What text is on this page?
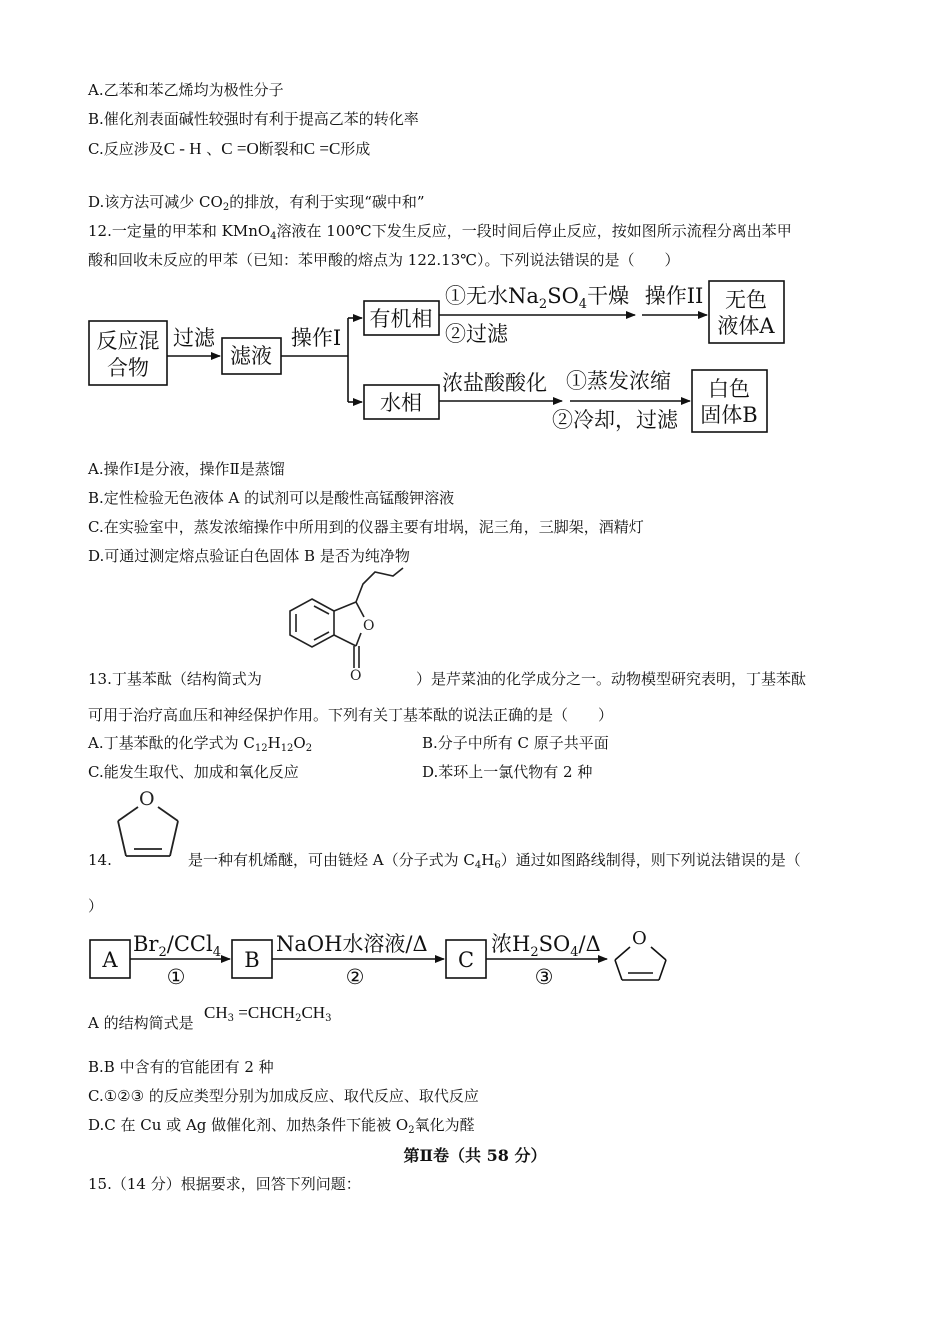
A.乙苯和苯乙烯均为极性分子
B.催化剂表面碱性较强时有利于提高乙苯的转化率
C.反应涉及C - H 、C =O断裂和C =C形成
D.该方法可减少 $CO_2$的排放，有利于实现“碳中和”
12.一定量的甲苯和 KMnO$_4$溶液在 100℃下发生反应，一段时间后停止反应，按如图所示流程分离出苯甲
酸和回收未反应的甲苯（已知：苯甲酸的熔点为 122.13℃）。下列说法错误的是（　　）
反应混
合物
过滤
滤液
操作I
有机相
①无水$Na_2SO_4$干燥
②过滤
操作II 无色
液体A
水相
浓盐酸酸化 ①蒸发浓缩
②冷却，过滤
白色
固体B
A.操作Ⅰ是分液，操作Ⅱ是蒸馏
B.定性检验无色液体 A 的试剂可以是酸性高锰酸钾溶液
C.在实验室中，蒸发浓缩操作中所用到的仪器主要有坩埚，泥三角，三脚架，酒精灯
D.可通过测定熔点验证白色固体 B 是否为纯净物
O
O
13.丁基苯酞（结构简式为	）是芹菜油的化学成分之一。动物模型研究表明，丁基苯酞
可用于治疗高血压和神经保护作用。下列有关丁基苯酞的说法正确的是（　　）
A.丁基苯酞的化学式为 $C_{12}H_{12}O_2$	B.分子中所有 C 原子共平面
C.能发生取代、加成和氧化反应	D.苯环上一氯代物有 2 种
O
14.	是一种有机烯醚，可由链烃 A（分子式为 $C_4H_6$）通过如图路线制得，则下列说法错误的是（
）
A
$Br_2/CCl_4$
①
B
NaOH水溶液/Δ
②
C
浓$H_2SO_4/\Delta$
③
O
A 的结构简式是
$CH_3$ $=CHCH_2CH_3$
B.B 中含有的官能团有 2 种
C.①②③ 的反应类型分别为加成反应、取代反应、取代反应
D.C 在 Cu 或 Ag 做催化剂、加热条件下能被 $O_2$氧化为醛
第Ⅱ卷（共 58 分）
15.（14 分）根据要求，回答下列问题：
